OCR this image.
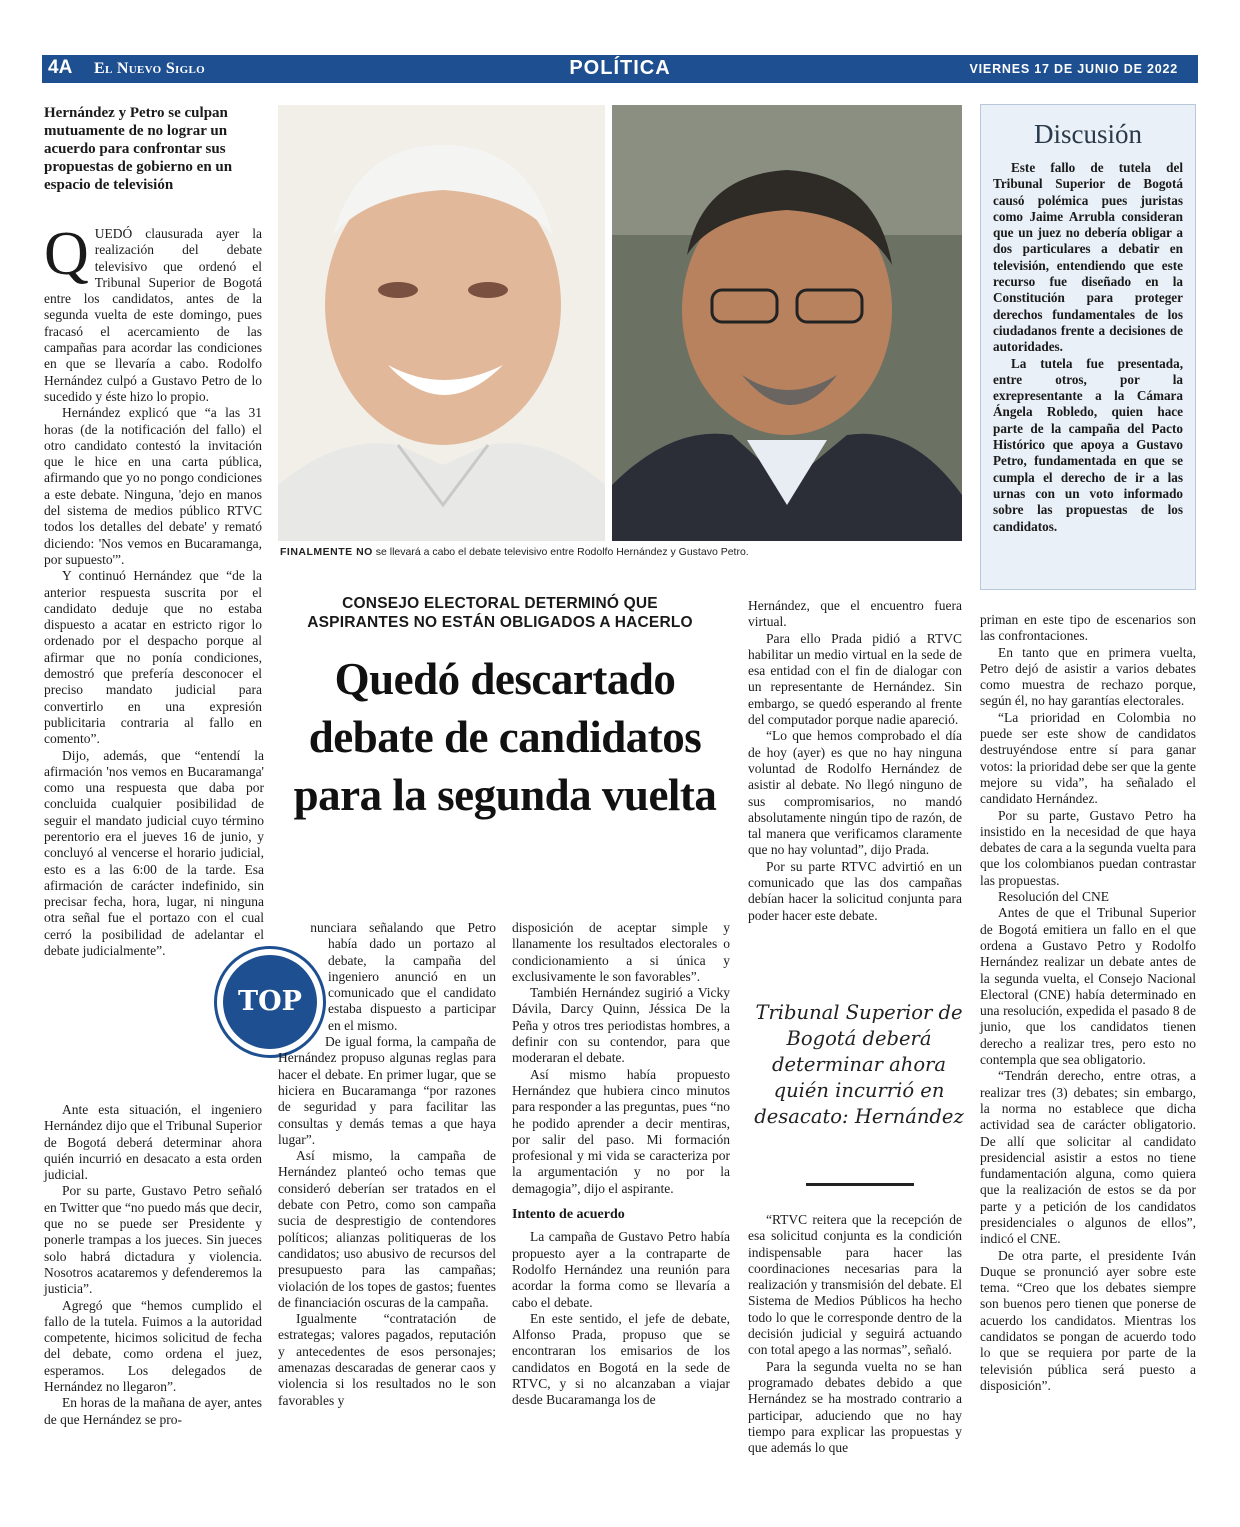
4A El Nuevo Siglo	POLÍTICA	VIERNES 17 DE JUNIO DE 2022
Hernández y Petro se culpan mutuamente de no lograr un acuerdo para confrontar sus propuestas de gobierno en un espacio de televisión

QUEDÓ clausurada ayer la realización del debate televisivo que ordenó el Tribunal Superior de Bogotá entre los candidatos, antes de la segunda vuelta de este domingo, pues fracasó el acercamiento de las campañas para acordar las condiciones en que se llevaría a cabo. Rodolfo Hernández culpó a Gustavo Petro de lo sucedido y éste hizo lo propio.

Hernández explicó que “a las 31 horas (de la notificación del fallo) el otro candidato contestó la invitación que le hice en una carta pública, afirmando que yo no pongo condiciones a este debate. Ninguna, 'dejo en manos del sistema de medios público RTVC todos los detalles del debate' y remató diciendo: 'Nos vemos en Bucaramanga, por supuesto'”.

Y continuó Hernández que “de la anterior respuesta suscrita por el candidato deduje que no estaba dispuesto a acatar en estricto rigor lo ordenado por el despacho porque al afirmar que no ponía condiciones, demostró que prefería desconocer el preciso mandato judicial para convertirlo en una expresión publicitaria contraria al fallo en comento”.

Dijo, además, que “entendí la afirmación 'nos vemos en Bucaramanga' como una respuesta que daba por concluida cualquier posibilidad de seguir el mandato judicial cuyo término perentorio era el jueves 16 de junio, y concluyó al vencerse el horario judicial, esto es a las 6:00 de la tarde. Esa afirmación de carácter indefinido, sin precisar fecha, hora, lugar, ni ninguna otra señal fue el portazo con el cual cerró la posibilidad de adelantar el debate judicialmente”.

Ante esta situación, el ingeniero Hernández dijo que el Tribunal Superior de Bogotá deberá determinar ahora quién incurrió en desacato a esta orden judicial.

Por su parte, Gustavo Petro señaló en Twitter que “no puedo más que decir, que no se puede ser Presidente y ponerle trampas a los jueces. Sin jueces solo habrá dictadura y violencia. Nosotros acataremos y defenderemos la justicia”.

Agregó que “hemos cumplido el fallo de la tutela. Fuimos a la autoridad competente, hicimos solicitud de fecha del debate, como ordena el juez, esperamos. Los delegados de Hernández no llegaron”.

En horas de la mañana de ayer, antes de que Hernández se pro-

FINALMENTE NO se llevará a cabo el debate televisivo entre Rodolfo Hernández y Gustavo Petro.
Discusión

Este fallo de tutela del Tribunal Superior de Bogotá causó polémica pues juristas como Jaime Arrubla consideran que un juez no debería obligar a dos particulares a debatir en televisión, entendiendo que este recurso fue diseñado en la Constitución para proteger derechos fundamentales de los ciudadanos frente a decisiones de autoridades.

La tutela fue presentada, entre otros, por la exrepresentante a la Cámara Ángela Robledo, quien hace parte de la campaña del Pacto Histórico que apoya a Gustavo Petro, fundamentada en que se cumpla el derecho de ir a las urnas con un voto informado sobre las propuestas de los candidatos.

CONSEJO ELECTORAL DETERMINÓ QUE ASPIRANTES NO ESTÁN OBLIGADOS A HACERLO
Quedó descartado debate de candidatos para la segunda vuelta
TOP

nunciara señalando que Petro había dado un portazo al debate, la campaña del ingeniero anunció en un comunicado que el candidato estaba dispuesto a participar en el mismo.

De igual forma, la campaña de Hernández propuso algunas reglas para hacer el debate. En primer lugar, que se hiciera en Bucaramanga “por razones de seguridad y para facilitar las consultas y demás temas a que haya lugar”.

Así mismo, la campaña de Hernández planteó ocho temas que consideró deberían ser tratados en el debate con Petro, como son campaña sucia de desprestigio de contendores políticos; alianzas politiqueras de los candidatos; uso abusivo de recursos del presupuesto para las campañas; violación de los topes de gastos; fuentes de financiación oscuras de la campaña.

Igualmente “contratación de estrategas; valores pagados, reputación y antecedentes de esos personajes; amenazas descaradas de generar caos y violencia si los resultados no le son favorables y

disposición de aceptar simple y llanamente los resultados electorales o condicionamiento a si única y exclusivamente le son favorables”.

También Hernández sugirió a Vicky Dávila, Darcy Quinn, Jéssica De la Peña y otros tres periodistas hombres, a definir con su contendor, para que moderaran el debate.

Así mismo había propuesto Hernández que hubiera cinco minutos para responder a las preguntas, pues “no he podido aprender a decir mentiras, por salir del paso. Mi formación profesional y mi vida se caracteriza por la argumentación y no por la demagogia”, dijo el aspirante.

Intento de acuerdo

La campaña de Gustavo Petro había propuesto ayer a la contraparte de Rodolfo Hernández una reunión para acordar la forma como se llevaría a cabo el debate.

En este sentido, el jefe de debate, Alfonso Prada, propuso que se encontraran los emisarios de los candidatos en Bogotá en la sede de RTVC, y si no alcanzaban a viajar desde Bucaramanga los de

Hernández, que el encuentro fuera virtual.

Para ello Prada pidió a RTVC habilitar un medio virtual en la sede de esa entidad con el fin de dialogar con un representante de Hernández. Sin embargo, se quedó esperando al frente del computador porque nadie apareció.

“Lo que hemos comprobado el día de hoy (ayer) es que no hay ninguna voluntad de Rodolfo Hernández de asistir al debate. No llegó ninguno de sus compromisarios, no mandó absolutamente ningún tipo de razón, de tal manera que verificamos claramente que no hay voluntad”, dijo Prada.

Por su parte RTVC advirtió en un comunicado que las dos campañas debían hacer la solicitud conjunta para poder hacer este debate.

Tribunal Superior de Bogotá deberá determinar ahora quién incurrió en desacato: Hernández

“RTVC reitera que la recepción de esa solicitud conjunta es la condición indispensable para hacer las coordinaciones necesarias para la realización y transmisión del debate. El Sistema de Medios Públicos ha hecho todo lo que le corresponde dentro de la decisión judicial y seguirá actuando con total apego a las normas”, señaló.

Para la segunda vuelta no se han programado debates debido a que Hernández se ha mostrado contrario a participar, aduciendo que no hay tiempo para explicar las propuestas y que además lo que

priman en este tipo de escenarios son las confrontaciones.

En tanto que en primera vuelta, Petro dejó de asistir a varios debates como muestra de rechazo porque, según él, no hay garantías electorales.

“La prioridad en Colombia no puede ser este show de candidatos destruyéndose entre sí para ganar votos: la prioridad debe ser que la gente mejore su vida”, ha señalado el candidato Hernández.

Por su parte, Gustavo Petro ha insistido en la necesidad de que haya debates de cara a la segunda vuelta para que los colombianos puedan contrastar las propuestas.

Resolución del CNE

Antes de que el Tribunal Superior de Bogotá emitiera un fallo en el que ordena a Gustavo Petro y Rodolfo Hernández realizar un debate antes de la segunda vuelta, el Consejo Nacional Electoral (CNE) había determinado en una resolución, expedida el pasado 8 de junio, que los candidatos tienen derecho a realizar tres, pero esto no contempla que sea obligatorio.

“Tendrán derecho, entre otras, a realizar tres (3) debates; sin embargo, la norma no establece que dicha actividad sea de carácter obligatorio. De allí que solicitar al candidato presidencial asistir a estos no tiene fundamentación alguna, como quiera que la realización de estos se da por parte y a petición de los candidatos presidenciales o algunos de ellos”, indicó el CNE.

De otra parte, el presidente Iván Duque se pronunció ayer sobre este tema. “Creo que los debates siempre son buenos pero tienen que ponerse de acuerdo los candidatos. Mientras los candidatos se pongan de acuerdo todo lo que se requiera por parte de la televisión pública será puesto a disposición”.
